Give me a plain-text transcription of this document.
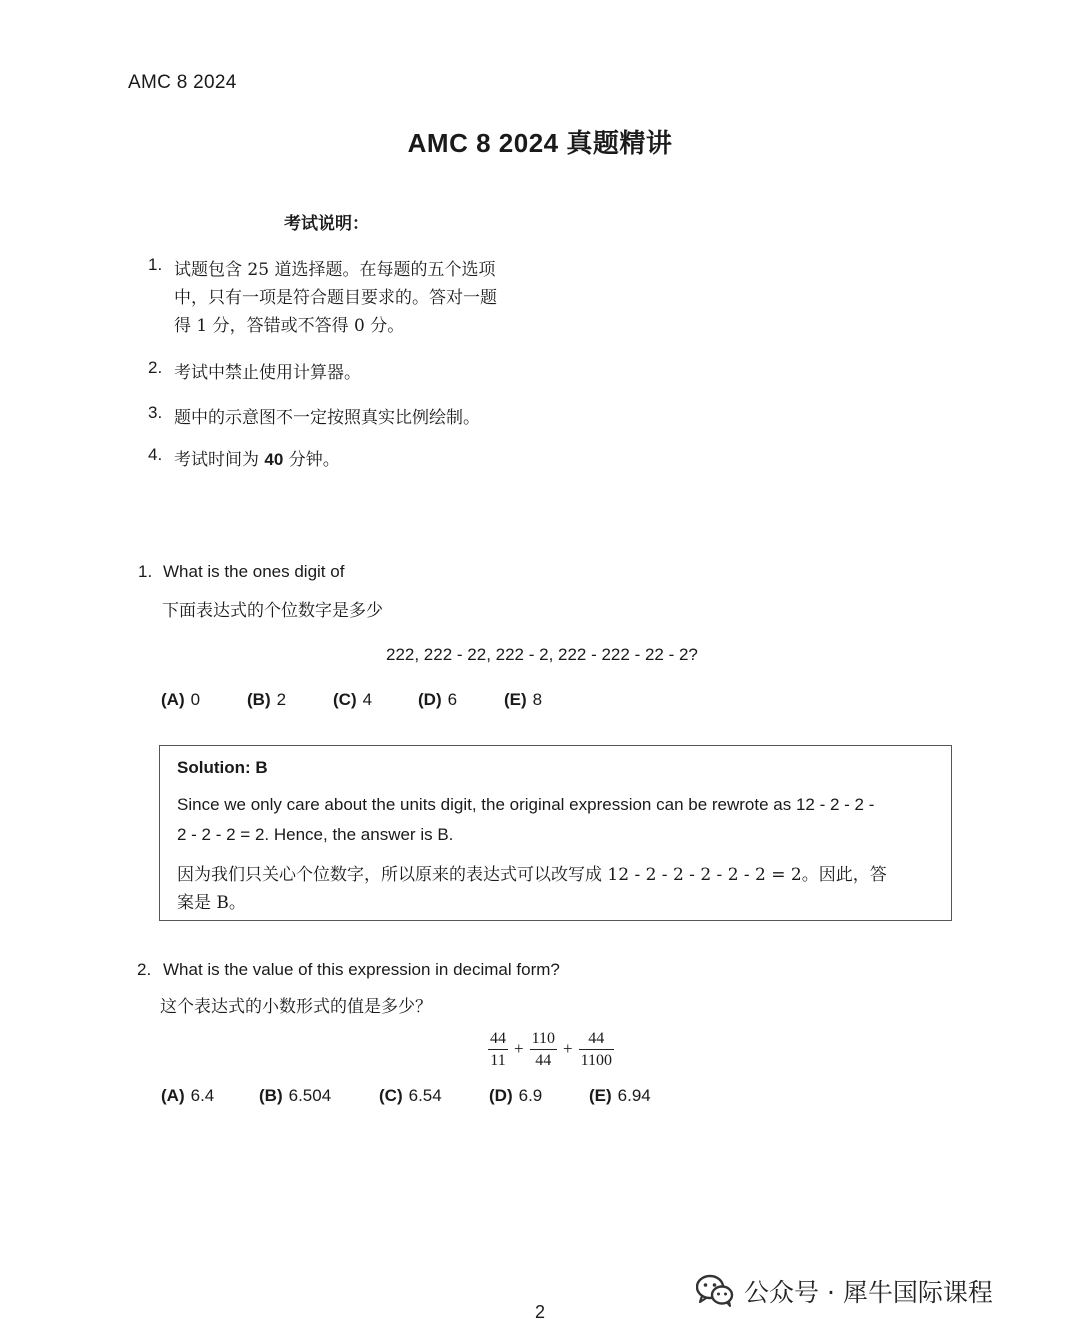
AMC 8 2024
AMC 8 2024 真题精讲
考试说明：
1. 试题包含 25 道选择题。在每题的五个选项
中，只有一项是符合题目要求的。答对一题
得 1 分，答错或不答得 0 分。
2. 考试中禁止使用计算器。
3. 题中的示意图不一定按照真实比例绘制。
4. 考试时间为 40 分钟。
1. What is the ones digit of
下面表达式的个位数字是多少
222, 222 - 22, 222 - 2, 222 - 222 - 22 - 2?
(A) 0	(B) 2	(C) 4	(D) 6	(E) 8
Solution: B
Since we only care about the units digit, the original expression can be rewrote as 12 - 2 - 2 -
2 - 2 - 2 = 2. Hence, the answer is B.
因为我们只关心个位数字，所以原来的表达式可以改写成 12 - 2 - 2 - 2 - 2 - 2 = 2。因此，答
案是 B。
2. What is the value of this expression in decimal form?
这个表达式的小数形式的值是多少？
$\frac{44}{11} + \frac{110}{44} + \frac{44}{1100}$
(A) 6.4	(B) 6.504	(C) 6.54	(D) 6.9	(E) 6.94
公众号 · 犀牛国际课程
2
